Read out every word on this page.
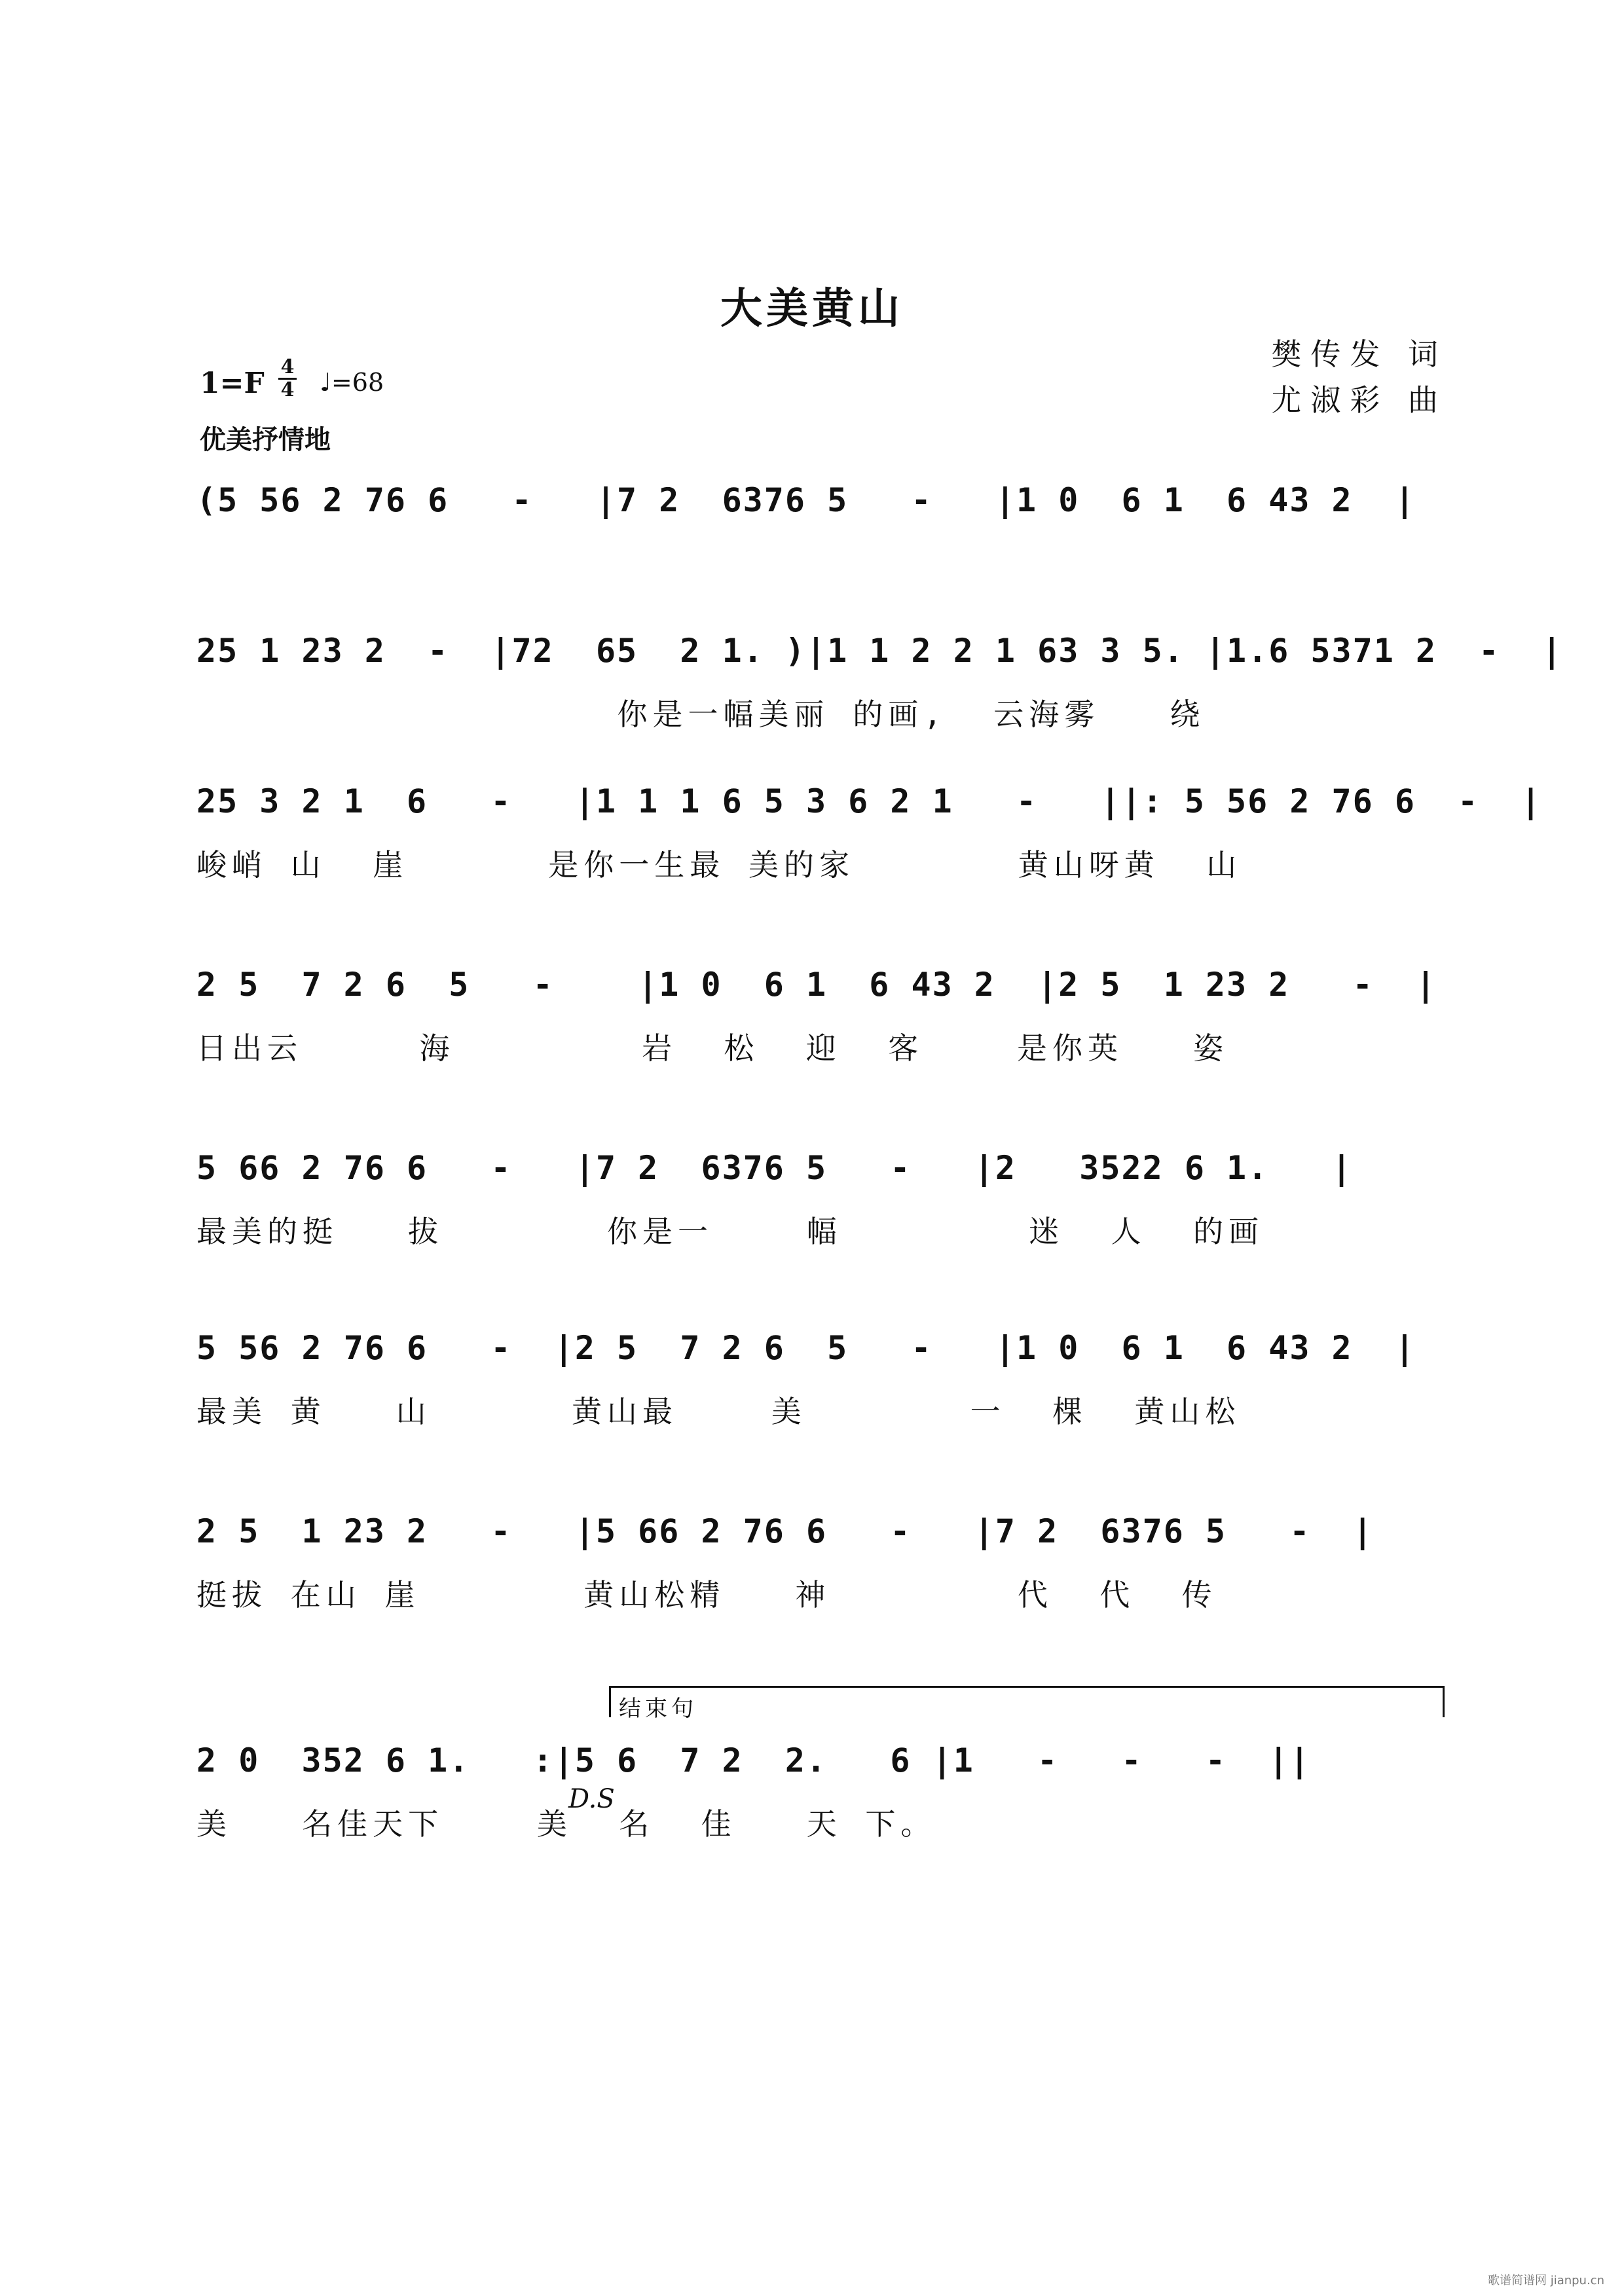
大美黄山
樊传发 词
尤淑彩 曲
1=F 4
4 ♩=68
优美抒情地
(5 56 2 76 6   -   |7 2  6376 5   -   |1 0  6 1  6 43 2  |
25 1 23 2  -  |72  65  2 1. )|1 1 2 2 1 63 3 5. |1.6 5371 2  -  |
你是一幅美丽 的画,  云海雾   绕
25 3 2 1  6   -   |1 1 1 6 5 3 6 2 1   -   ||: 5 56 2 76 6  -  |
峻峭 山  崖      是你一生最 美的家       黄山呀黄  山
2 5  7 2 6  5   -    |1 0  6 1  6 43 2  |2 5  1 23 2   -  |
日出云     海        岩  松  迎  客    是你英   姿
5 66 2 76 6   -   |7 2  6376 5   -   |2   3522 6 1.   |
最美的挺   拔       你是一    幅        迷  人  的画
5 56 2 76 6   -  |2 5  7 2 6  5   -   |1 0  6 1  6 43 2  |
最美 黄   山      黄山最    美       一  棵  黄山松
2 5  1 23 2   -   |5 66 2 76 6   -   |7 2  6376 5   -  |
挺拔 在山 崖       黄山松精   神        代  代  传
结束句
2 0  352 6 1.   :|5 6  7 2  2.   6 |1   -   -   -  ||
美   名佳天下    美  名  佳   天 下。
D.S
歌谱简谱网 jianpu.cn
